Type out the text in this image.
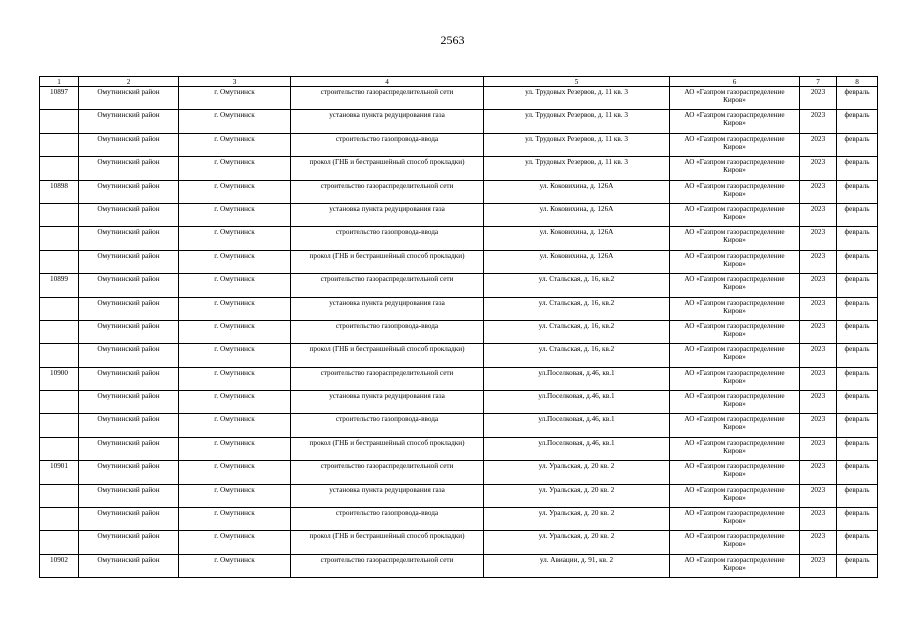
2563
1	2	3	4	5	6	7	8
10897	Омутнинский район	г. Омутнинск	строительство газораспределительной сети	ул. Трудовых Резервов, д. 11 кв. 3	АО «Газпром газораспределение
Киров»	2023	февраль
	Омутнинский район	г. Омутнинск	установка пункта редуцирования газа	ул. Трудовых Резервов, д. 11 кв. 3	АО «Газпром газораспределение
Киров»	2023	февраль
	Омутнинский район	г. Омутнинск	строительство газопровода-ввода	ул. Трудовых Резервов, д. 11 кв. 3	АО «Газпром газораспределение
Киров»	2023	февраль
	Омутнинский район	г. Омутнинск	прокол (ГНБ и бестраншейный способ прокладки)	ул. Трудовых Резервов, д. 11 кв. 3	АО «Газпром газораспределение
Киров»	2023	февраль
10898	Омутнинский район	г. Омутнинск	строительство газораспределительной сети	ул. Коковихина, д. 126А	АО «Газпром газораспределение
Киров»	2023	февраль
	Омутнинский район	г. Омутнинск	установка пункта редуцирования газа	ул. Коковихина, д. 126А	АО «Газпром газораспределение
Киров»	2023	февраль
	Омутнинский район	г. Омутнинск	строительство газопровода-ввода	ул. Коковихина, д. 126А	АО «Газпром газораспределение
Киров»	2023	февраль
	Омутнинский район	г. Омутнинск	прокол (ГНБ и бестраншейный способ прокладки)	ул. Коковихина, д. 126А	АО «Газпром газораспределение
Киров»	2023	февраль
10899	Омутнинский район	г. Омутнинск	строительство газораспределительной сети	ул. Стальская, д. 16, кв.2	АО «Газпром газораспределение
Киров»	2023	февраль
	Омутнинский район	г. Омутнинск	установка пункта редуцирования газа	ул. Стальская, д. 16, кв.2	АО «Газпром газораспределение
Киров»	2023	февраль
	Омутнинский район	г. Омутнинск	строительство газопровода-ввода	ул. Стальская, д. 16, кв.2	АО «Газпром газораспределение
Киров»	2023	февраль
	Омутнинский район	г. Омутнинск	прокол (ГНБ и бестраншейный способ прокладки)	ул. Стальская, д. 16, кв.2	АО «Газпром газораспределение
Киров»	2023	февраль
10900	Омутнинский район	г. Омутнинск	строительство газораспределительной сети	ул.Поселковая, д.46, кв.1	АО «Газпром газораспределение
Киров»	2023	февраль
	Омутнинский район	г. Омутнинск	установка пункта редуцирования газа	ул.Поселковая, д.46, кв.1	АО «Газпром газораспределение
Киров»	2023	февраль
	Омутнинский район	г. Омутнинск	строительство газопровода-ввода	ул.Поселковая, д.46, кв.1	АО «Газпром газораспределение
Киров»	2023	февраль
	Омутнинский район	г. Омутнинск	прокол (ГНБ и бестраншейный способ прокладки)	ул.Поселковая, д.46, кв.1	АО «Газпром газораспределение
Киров»	2023	февраль
10901	Омутнинский район	г. Омутнинск	строительство газораспределительной сети	ул. Уральская, д. 20 кв. 2	АО «Газпром газораспределение
Киров»	2023	февраль
	Омутнинский район	г. Омутнинск	установка пункта редуцирования газа	ул. Уральская, д. 20 кв. 2	АО «Газпром газораспределение
Киров»	2023	февраль
	Омутнинский район	г. Омутнинск	строительство газопровода-ввода	ул. Уральская, д. 20 кв. 2	АО «Газпром газораспределение
Киров»	2023	февраль
	Омутнинский район	г. Омутнинск	прокол (ГНБ и бестраншейный способ прокладки)	ул. Уральская, д. 20 кв. 2	АО «Газпром газораспределение
Киров»	2023	февраль
10902	Омутнинский район	г. Омутнинск	строительство газораспределительной сети	ул. Авиации, д. 91, кв. 2	АО «Газпром газораспределение
Киров»	2023	февраль
